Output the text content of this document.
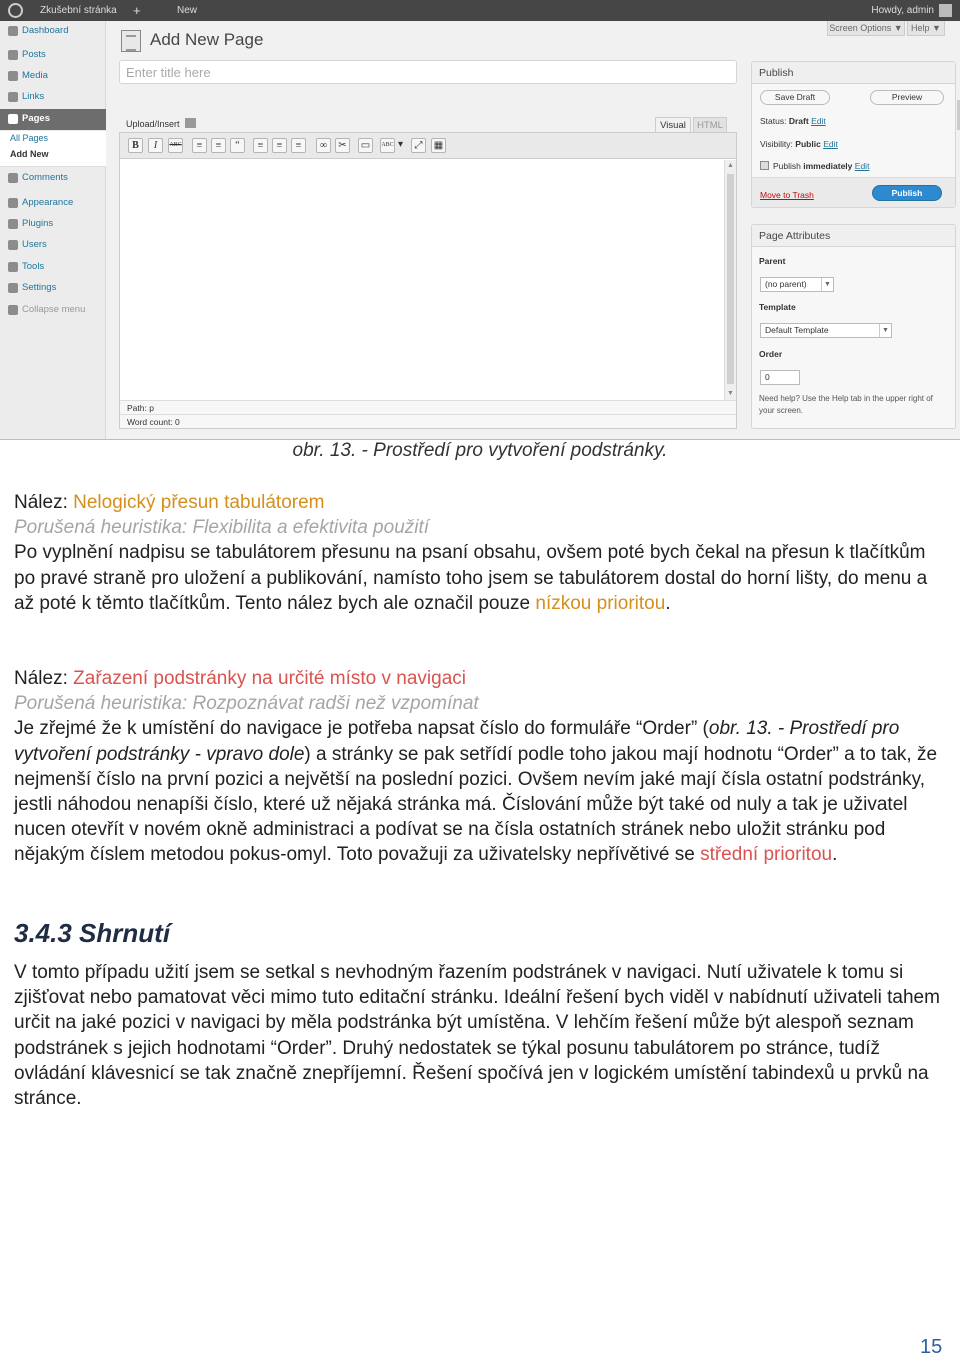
Zkušební stránka +	New	Howdy, admin
Dashboard
Posts
Media
Links
Pages
All Pages
Add New
Comments
Appearance
Plugins
Users
Tools
Settings
Collapse menu
Add New Page
Screen Options ▼ Help ▼
Enter title here
Upload/Insert	Visual	HTML
B	I	ABC	≡	≡	“	≡	≡	≡	∞	✂	▭	ABC ▾	⤢	▦
▲
▼
Path: p
Word count: 0
Publish
Save Draft	Preview
Status: Draft Edit
Visibility: Public Edit
Publish immediately Edit
Move to Trash	Publish
Page Attributes
Parent
(no parent)	▼
Template
Default Template	▼
Order
0
Need help? Use the Help tab in the upper right of your screen.
obr. 13. - Prostředí pro vytvoření podstránky.
Nález: Nelogický přesun tabulátorem
Porušená heuristika: Flexibilita a efektivita použití
Po vyplnění nadpisu se tabulátorem přesunu na psaní obsahu, ovšem poté bych čekal na přesun k tlačítkům po pravé straně pro uložení a publikování, namísto toho jsem se tabulátorem dostal do horní lišty, do menu a až poté k těmto tlačítkům. Tento nález bych ale označil pouze nízkou prioritou.
Nález: Zařazení podstránky na určité místo v navigaci
Porušená heuristika: Rozpoznávat radši než vzpomínat
Je zřejmé že k umístění do navigace je potřeba napsat číslo do formuláře “Order” (obr. 13. - Prostředí pro vytvoření podstránky - vpravo dole) a stránky se pak setřídí podle toho jakou mají hodnotu “Order” a to tak, že nejmenší číslo na první pozici a největší na poslední pozici. Ovšem nevím jaké mají čísla ostatní podstránky, jestli náhodou nenapíši číslo, které už nějaká stránka má. Číslování může být také od nuly a tak je uživatel nucen otevřít v novém okně administraci a podívat se na čísla ostatních stránek nebo uložit stránku pod nějakým číslem metodou pokus-omyl. Toto považuji za uživatelsky nepřívětivé se střední prioritou.
3.4.3 Shrnutí
V tomto případu užití jsem se setkal s nevhodným řazením podstránek v navigaci. Nutí uživatele k tomu si zjišťovat nebo pamatovat věci mimo tuto editační stránku. Ideální řešení bych viděl v nabídnutí uživateli tahem určit na jaké pozici v navigaci by měla podstránka být umístěna. V lehčím řešení může být alespoň seznam podstránek s jejich hodnotami “Order”. Druhý nedostatek se týkal posunu tabulátorem po stránce, tudíž ovládání klávesnicí se tak značně znepříjemní. Řešení spočívá jen v logickém umístění tabindexů u prvků na stránce.
15
